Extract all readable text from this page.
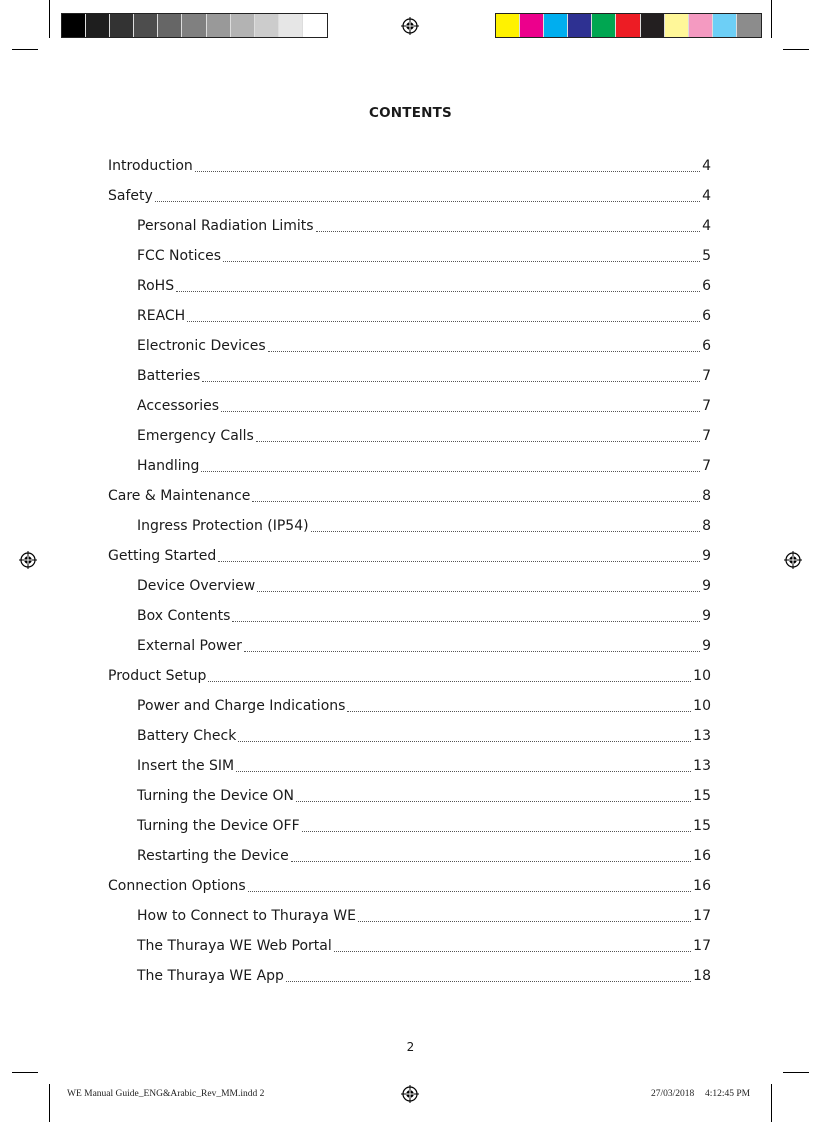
CONTENTS
Introduction	4
Safety	4
Personal Radiation Limits	4
FCC Notices	5
RoHS	6
REACH	6
Electronic Devices	6
Batteries	7
Accessories	7
Emergency Calls	7
Handling	7
Care & Maintenance	8
Ingress Protection (IP54)	8
Getting Started	9
Device Overview	9
Box Contents	9
External Power	9
Product Setup	10
Power and Charge Indications	10
Battery Check	13
Insert the SIM	13
Turning the Device ON	15
Turning the Device OFF	15
Restarting the Device	16
Connection Options	16
How to Connect to Thuraya WE	17
The Thuraya WE Web Portal	17
The Thuraya WE App	18
2
WE Manual Guide_ENG&Arabic_Rev_MM.indd 2	27/03/2018 4:12:45 PM
